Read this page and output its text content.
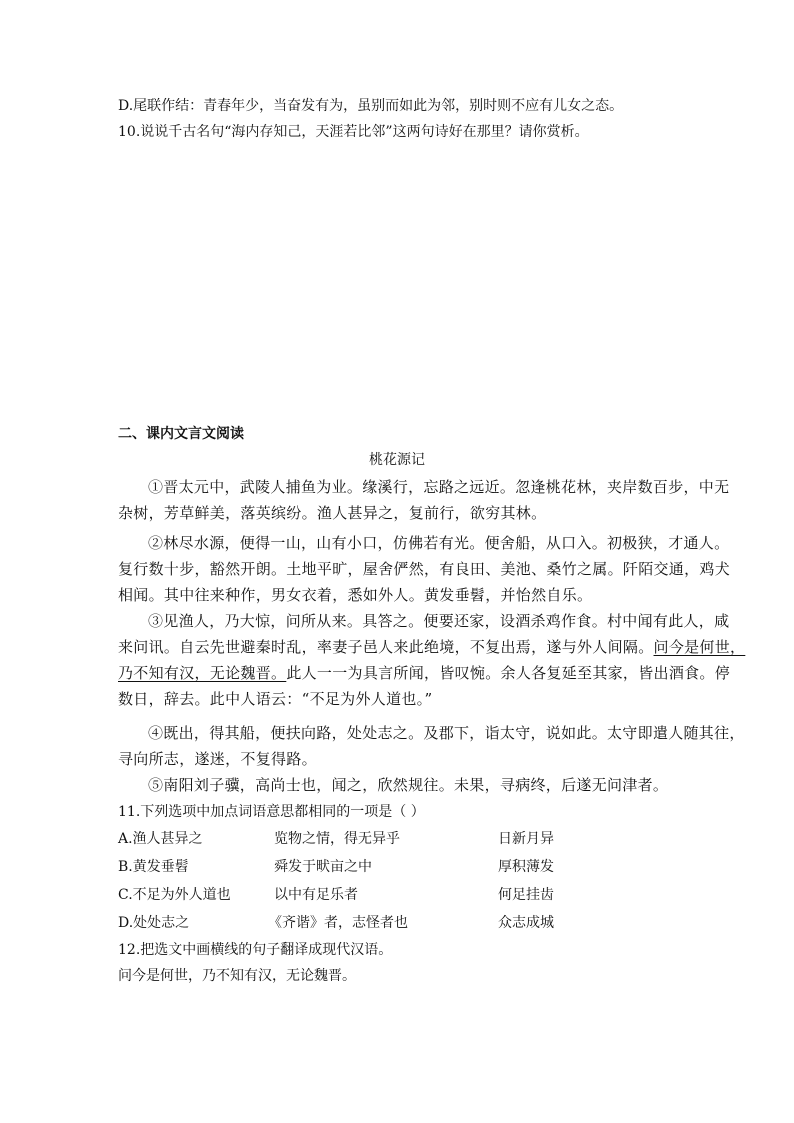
D.尾联作结：青春年少，当奋发有为，虽别而如此为邻，别时则不应有儿女之态。
10.说说千古名句“海内存知己，天涯若比邻”这两句诗好在那里？请你赏析。
二、课内文言文阅读
桃花源记
①晋太元中，武陵人捕鱼为业。缘溪行，忘路之远近。忽逢桃花林，夹岸数百步，中无
杂树，芳草鲜美，落英缤纷。渔人甚异之，复前行，欲穷其林。
②林尽水源，便得一山，山有小口，仿佛若有光。便舍船，从口入。初极狭，才通人。
复行数十步，豁然开朗。土地平旷，屋舍俨然，有良田、美池、桑竹之属。阡陌交通，鸡犬
相闻。其中往来种作，男女衣着，悉如外人。黄发垂髫，并怡然自乐。
③见渔人，乃大惊，问所从来。具答之。便要还家，设酒杀鸡作食。村中闻有此人，咸
来问讯。自云先世避秦时乱，率妻子邑人来此绝境，不复出焉，遂与外人间隔。问今是何世，
乃不知有汉，无论魏晋。此人一一为具言所闻，皆叹惋。余人各复延至其家，皆出酒食。停
数日，辞去。此中人语云：“不足为外人道也。”
④既出，得其船，便扶向路，处处志之。及郡下，诣太守，说如此。太守即遣人随其往，
寻向所志，遂迷，不复得路。
⑤南阳刘子骥，高尚士也，闻之，欣然规往。未果，寻病终，后遂无问津者。
11.下列选项中加点词语意思都相同的一项是（ ）
A.渔人甚异之	览物之情，得无异乎	日新月异
B.黄发垂髫	舜发于畎亩之中	厚积薄发
C.不足为外人道也	以中有足乐者	何足挂齿
D.处处志之	《齐谐》者，志怪者也	众志成城
12.把选文中画横线的句子翻译成现代汉语。
问今是何世，乃不知有汉，无论魏晋。
